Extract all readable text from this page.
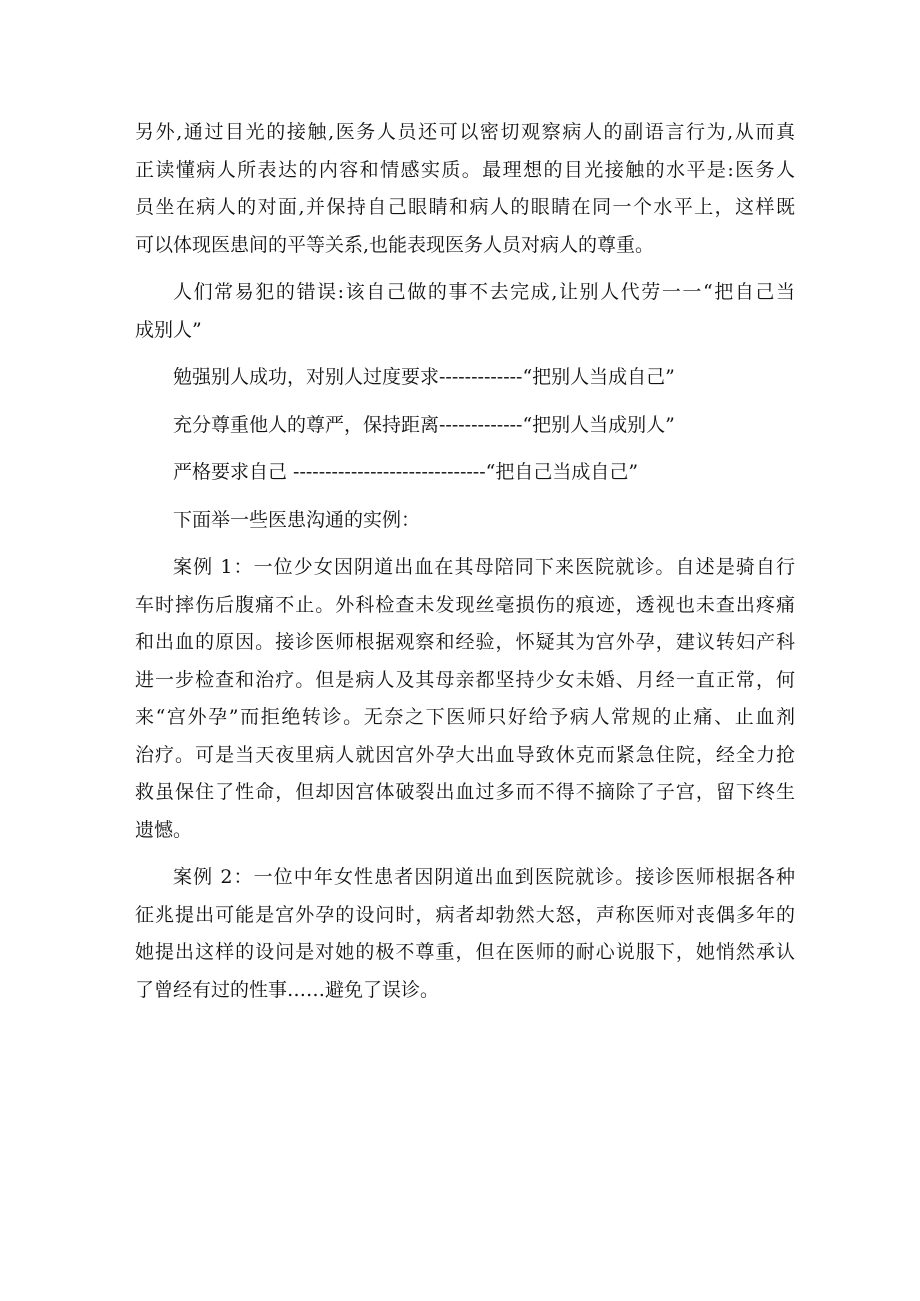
另外,通过目光的接触,医务人员还可以密切观察病人的副语言行为,从而真

正读懂病人所表达的内容和情感实质。最理想的目光接触的水平是:医务人

员坐在病人的对面,并保持自己眼睛和病人的眼睛在同一个水平上，这样既

可以体现医患间的平等关系,也能表现医务人员对病人的尊重。

人们常易犯的错误:该自己做的事不去完成,让别人代劳一一“把自己当

成别人”

勉强别人成功，对别人过度要求-------------“把别人当成自己”

充分尊重他人的尊严，保持距离-------------“把别人当成别人”

严格要求自己 ------------------------------“把自己当成自己”

下面举一些医患沟通的实例：

案例 1：一位少女因阴道出血在其母陪同下来医院就诊。自述是骑自行

车时摔伤后腹痛不止。外科检查未发现丝毫损伤的痕迹，透视也未查出疼痛

和出血的原因。接诊医师根据观察和经验，怀疑其为宫外孕，建议转妇产科

进一步检查和治疗。但是病人及其母亲都坚持少女未婚、月经一直正常，何

来“宫外孕”而拒绝转诊。无奈之下医师只好给予病人常规的止痛、止血剂

治疗。可是当天夜里病人就因宫外孕大出血导致休克而紧急住院，经全力抢

救虽保住了性命，但却因宫体破裂出血过多而不得不摘除了子宫，留下终生

遗憾。

案例 2：一位中年女性患者因阴道出血到医院就诊。接诊医师根据各种

征兆提出可能是宫外孕的设问时，病者却勃然大怒，声称医师对丧偶多年的

她提出这样的设问是对她的极不尊重，但在医师的耐心说服下，她悄然承认

了曾经有过的性事……避免了误诊。
